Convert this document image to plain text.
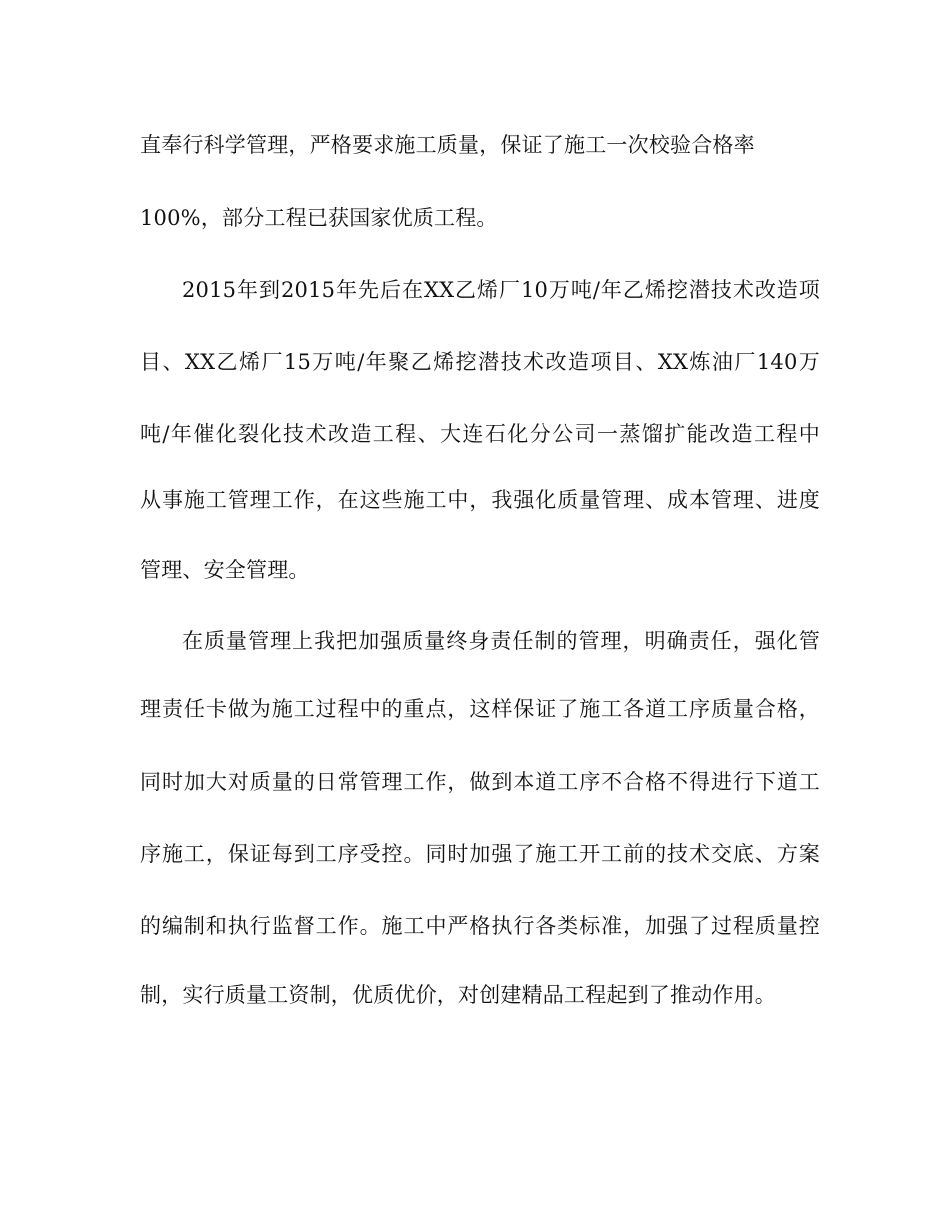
直奉行科学管理，严格要求施工质量，保证了施工一次校验合格率

100%，部分工程已获国家优质工程。

2015年到2015年先后在XX乙烯厂10万吨/年乙烯挖潜技术改造项

目、XX乙烯厂15万吨/年聚乙烯挖潜技术改造项目、XX炼油厂140万

吨/年催化裂化技术改造工程、大连石化分公司一蒸馏扩能改造工程中

从事施工管理工作，在这些施工中，我强化质量管理、成本管理、进度

管理、安全管理。

在质量管理上我把加强质量终身责任制的管理，明确责任，强化管

理责任卡做为施工过程中的重点，这样保证了施工各道工序质量合格，

同时加大对质量的日常管理工作，做到本道工序不合格不得进行下道工

序施工，保证每到工序受控。同时加强了施工开工前的技术交底、方案

的编制和执行监督工作。施工中严格执行各类标准，加强了过程质量控

制，实行质量工资制，优质优价，对创建精品工程起到了推动作用。
